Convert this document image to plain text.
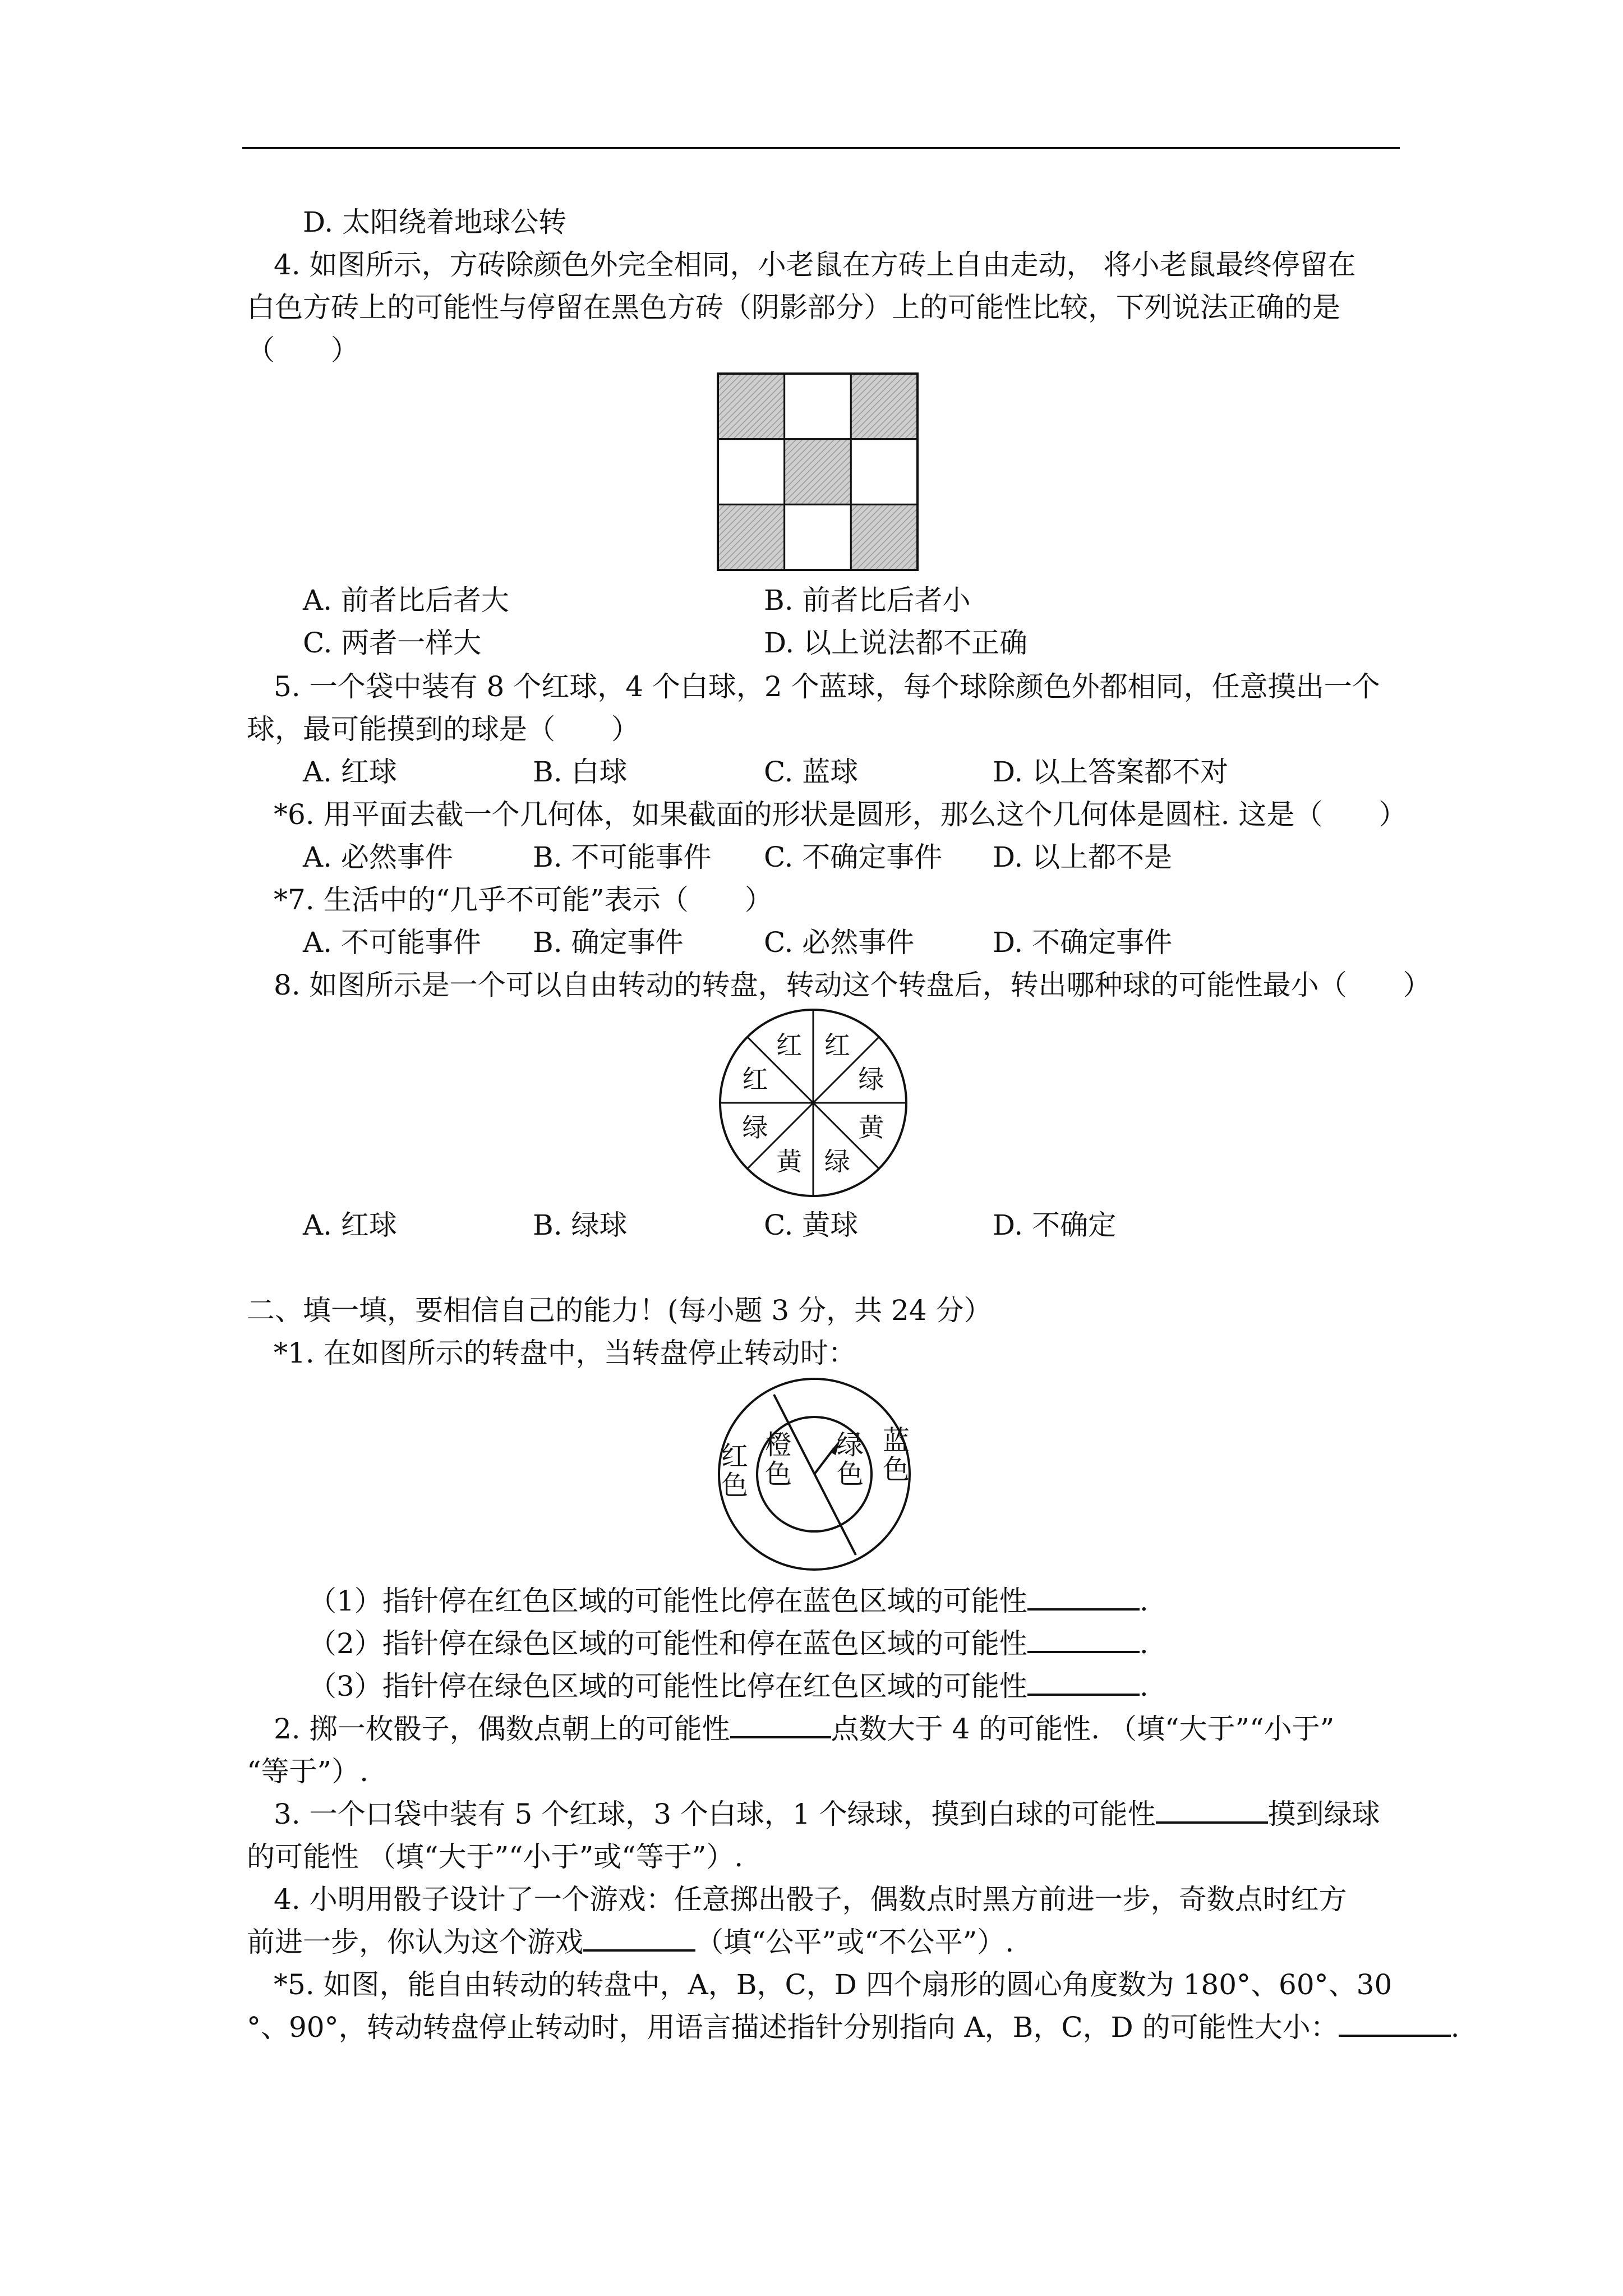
D. 太阳绕着地球公转
4. 如图所示，方砖除颜色外完全相同，小老鼠在方砖上自由走动， 将小老鼠最终停留在
白色方砖上的可能性与停留在黑色方砖（阴影部分）上的可能性比较，下列说法正确的是
（　　）
A. 前者比后者大	B. 前者比后者小
C. 两者一样大	D. 以上说法都不正确
5. 一个袋中装有 8 个红球，4 个白球，2 个蓝球，每个球除颜色外都相同，任意摸出一个
球，最可能摸到的球是（　　）
A. 红球	B. 白球	C. 蓝球	D. 以上答案都不对
*6. 用平面去截一个几何体，如果截面的形状是圆形，那么这个几何体是圆柱. 这是（　　）
A. 必然事件	B. 不可能事件 C. 不确定事件 D. 以上都不是
*7. 生活中的“几乎不可能”表示（　　）
A. 不可能事件 B. 确定事件	C. 必然事件	D. 不确定事件
8. 如图所示是一个可以自由转动的转盘，转动这个转盘后，转出哪种球的可能性最小（　　）
红
绿
黄
绿
黄
绿
红
红
A. 红球	B. 绿球	C. 黄球	D. 不确定
二、填一填，要相信自己的能力！(每小题 3 分，共 24 分）
*1. 在如图所示的转盘中，当转盘停止转动时：
红
色
橙
色
绿
色
蓝
色
（1）指针停在红色区域的可能性比停在蓝色区域的可能性	.
（2）指针停在绿色区域的可能性和停在蓝色区域的可能性	.
（3）指针停在绿色区域的可能性比停在红色区域的可能性	.
2. 掷一枚骰子，偶数点朝上的可能性	点数大于 4 的可能性. （填“大于”“小于”
“等于”）.
3. 一个口袋中装有 5 个红球，3 个白球，1 个绿球，摸到白球的可能性	摸到绿球
的可能性 （填“大于”“小于”或“等于”）.
4. 小明用骰子设计了一个游戏：任意掷出骰子，偶数点时黑方前进一步，奇数点时红方
前进一步，你认为这个游戏	（填“公平”或“不公平”）.
*5. 如图，能自由转动的转盘中，A，B，C，D 四个扇形的圆心角度数为 180°、60°、30
°、90°，转动转盘停止转动时，用语言描述指针分别指向 A，B，C，D 的可能性大小：	.
